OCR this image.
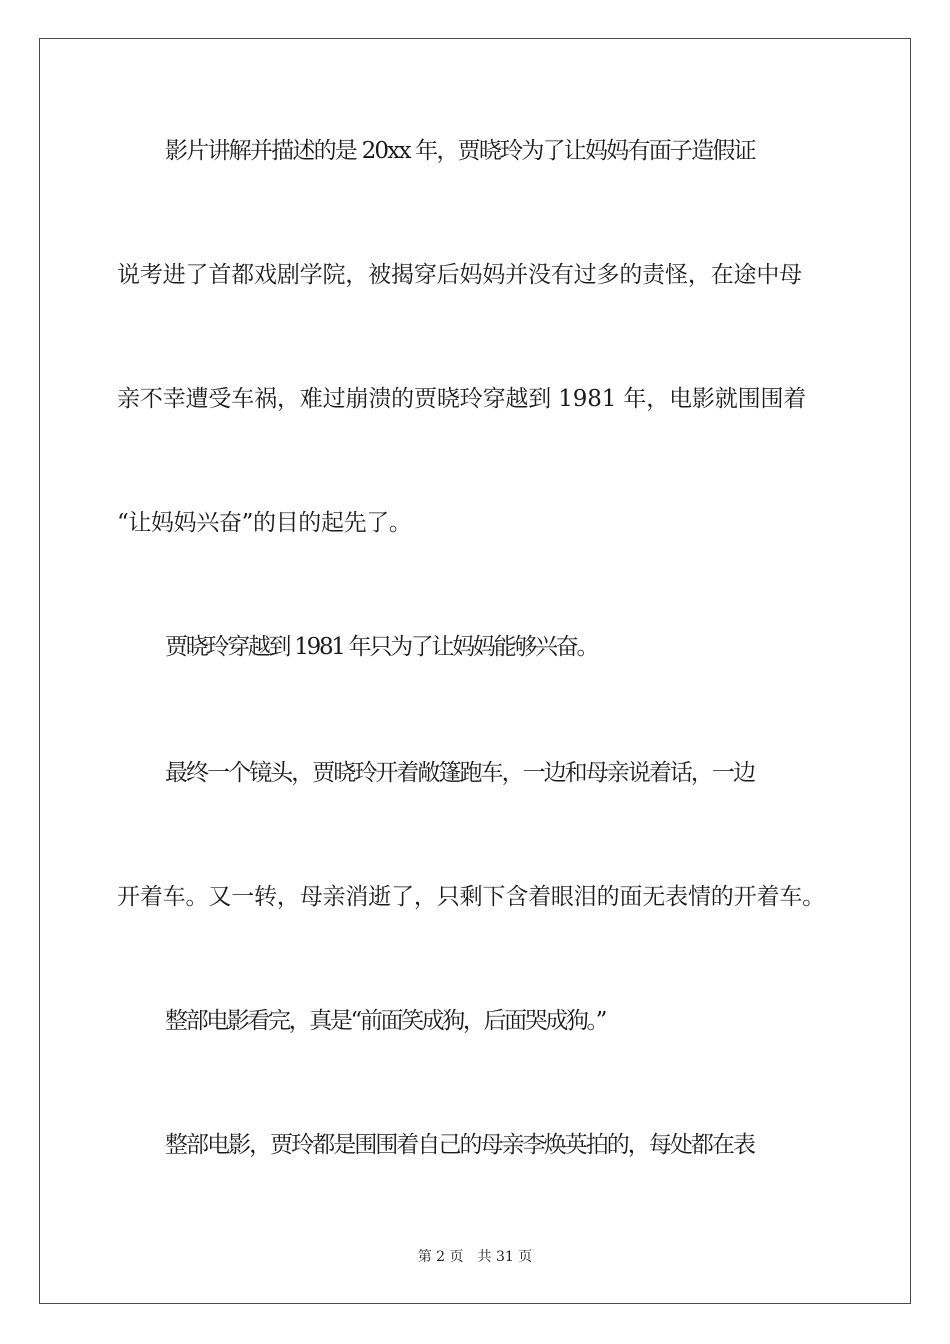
影片讲解并描述的是 20xx 年，贾晓玲为了让妈妈有面子造假证
说考进了首都戏剧学院，被揭穿后妈妈并没有过多的责怪，在途中母
亲不幸遭受车祸，难过崩溃的贾晓玲穿越到 1981 年，电影就围围着
“让妈妈兴奋”的目的起先了。
贾晓玲穿越到 1981 年只为了让妈妈能够兴奋。
最终一个镜头，贾晓玲开着敞篷跑车，一边和母亲说着话，一边
开着车。又一转，母亲消逝了，只剩下含着眼泪的面无表情的开着车。
整部电影看完，真是“前面笑成狗，后面哭成狗。”
整部电影，贾玲都是围围着自己的母亲李焕英拍的，每处都在表
第 2 页 共 31 页
